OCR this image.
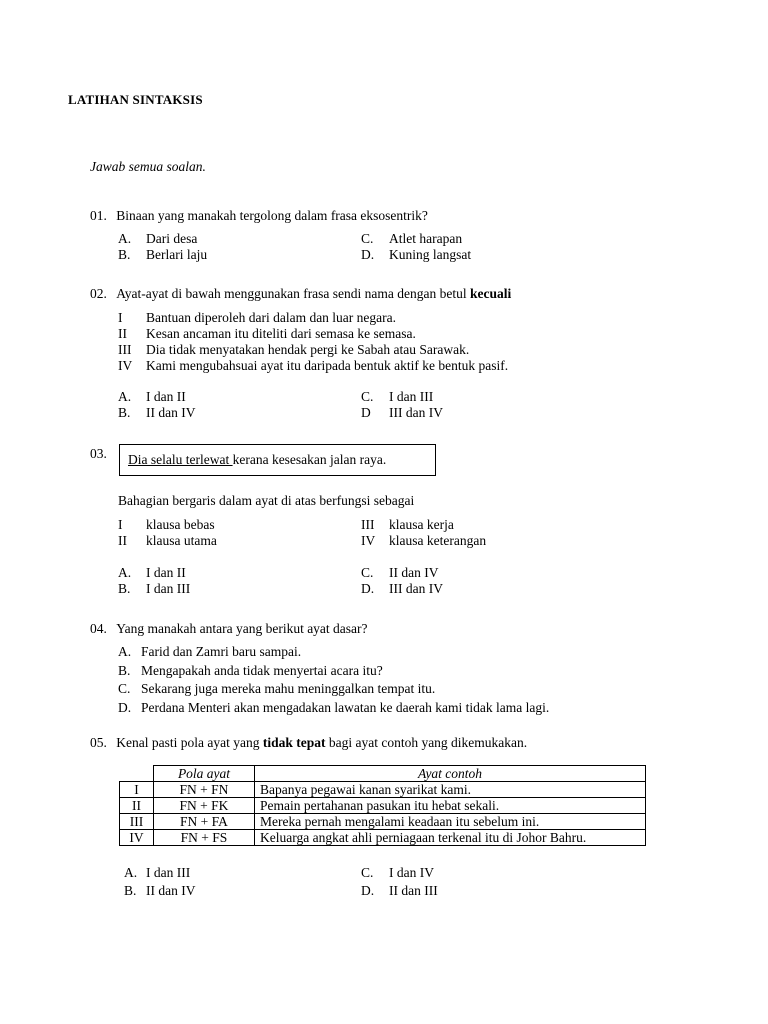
LATIHAN SINTAKSIS
Jawab semua soalan.
01. Binaan yang manakah tergolong dalam frasa eksosentrik?
A. Dari desa	C. Atlet harapan
B. Berlari laju	D. Kuning langsat
02. Ayat-ayat di bawah menggunakan frasa sendi nama dengan betul kecuali
I Bantuan diperoleh dari dalam dan luar negara.
II Kesan ancaman itu diteliti dari semasa ke semasa.
III Dia tidak menyatakan hendak pergi ke Sabah atau Sarawak.
IV Kami mengubahsuai ayat itu daripada bentuk aktif ke bentuk pasif.
A. I dan II	C. I dan III
B. II dan IV	D III dan IV
03. Dia selalu terlewat kerana kesesakan jalan raya.
Bahagian bergaris dalam ayat di atas berfungsi sebagai
I klausa bebas	III klausa kerja
II klausa utama	IV klausa keterangan
A. I dan II	C. II dan IV
B. I dan III	D. III dan IV
04. Yang manakah antara yang berikut ayat dasar?
A. Farid dan Zamri baru sampai.
B. Mengapakah anda tidak menyertai acara itu?
C. Sekarang juga mereka mahu meninggalkan tempat itu.
D. Perdana Menteri akan mengadakan lawatan ke daerah kami tidak lama lagi.
05. Kenal pasti pola ayat yang tidak tepat bagi ayat contoh yang dikemukakan.
	Pola ayat	Ayat contoh
I	FN + FN	Bapanya pegawai kanan syarikat kami.
II	FN + FK	Pemain pertahanan pasukan itu hebat sekali.
III	FN + FA	Mereka pernah mengalami keadaan itu sebelum ini.
IV	FN + FS	Keluarga angkat ahli perniagaan terkenal itu di Johor Bahru.
A. I dan III	C. I dan IV
B. II dan IV	D. II dan III
